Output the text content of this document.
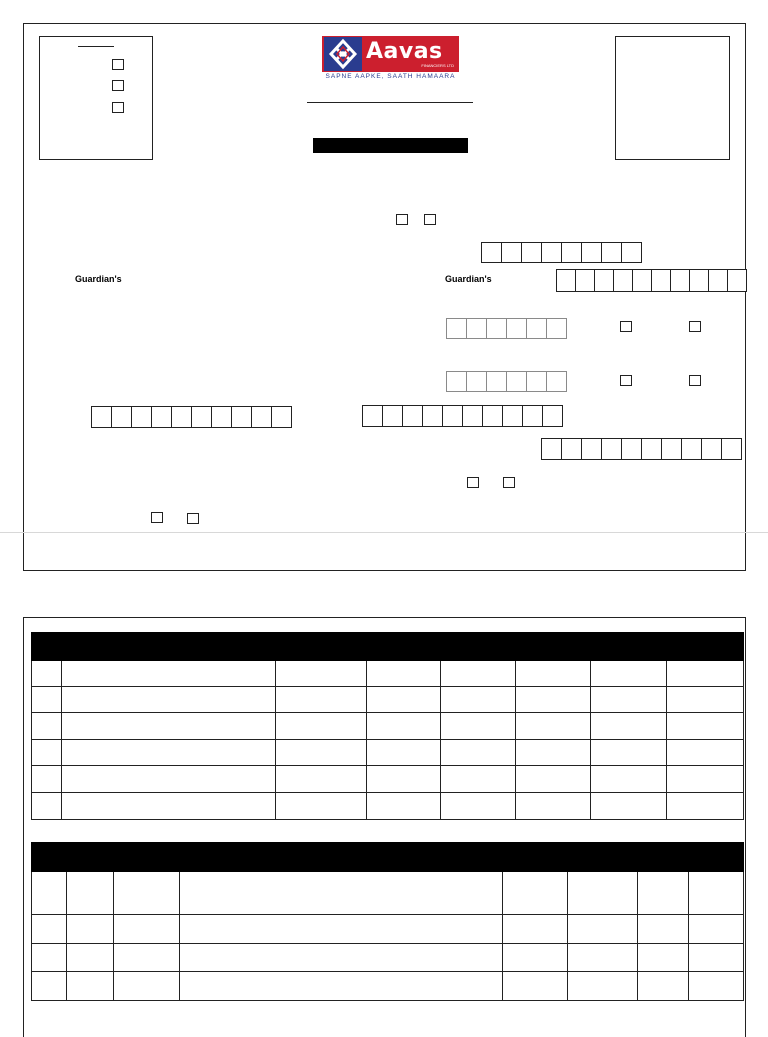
Aavas
FINANCIERS LTD
SAPNE AAPKE, SAATH HAMAARA
Guardian's	Guardian's
